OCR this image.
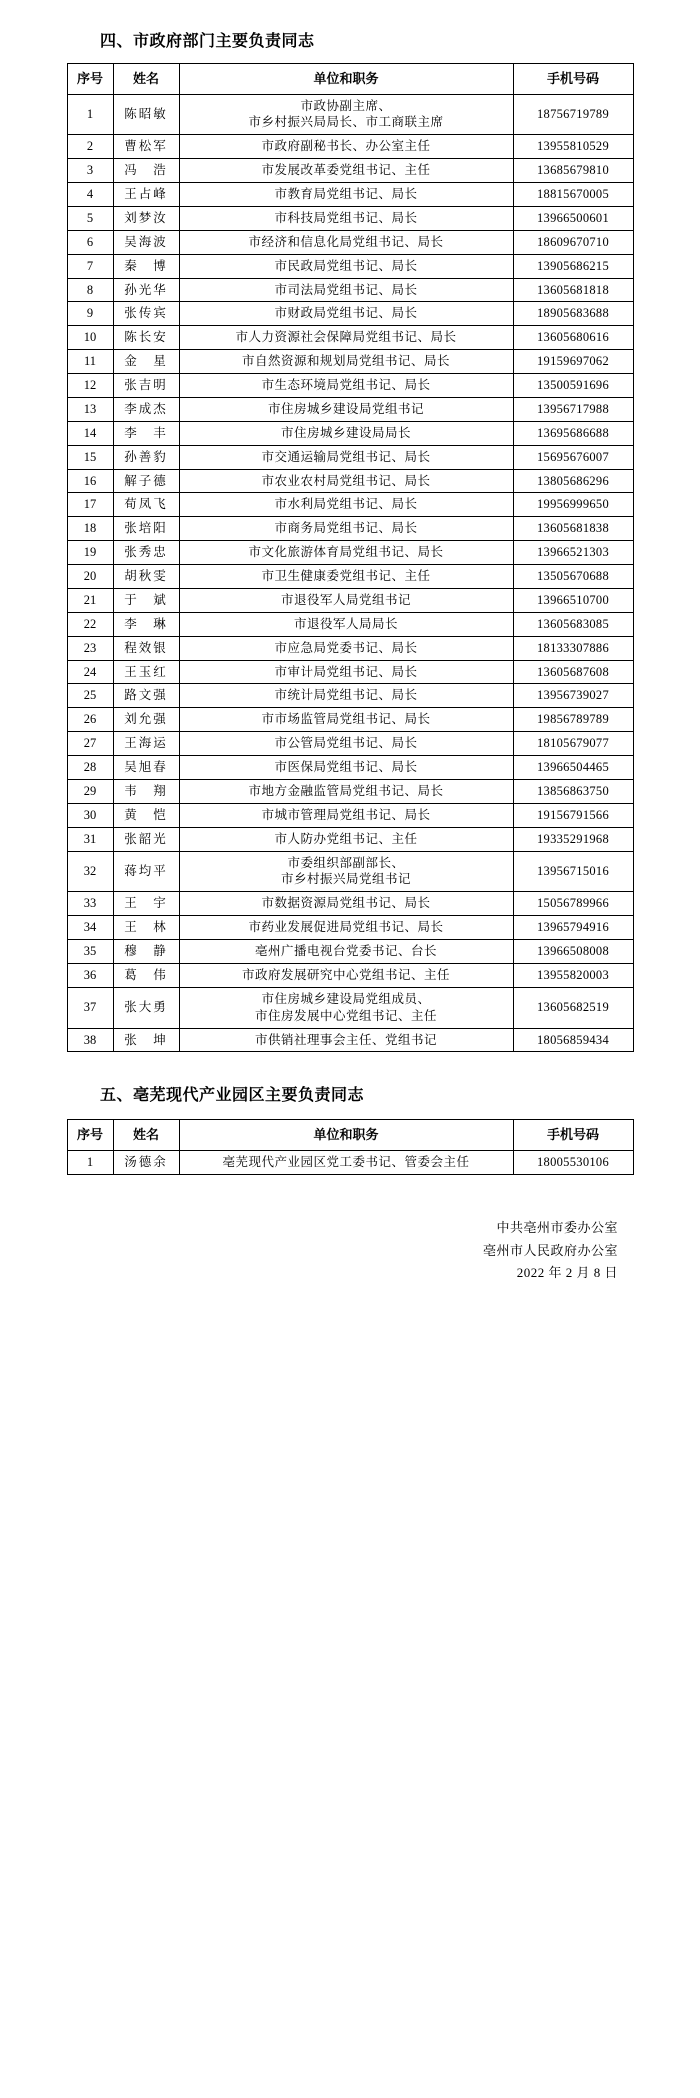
四、市政府部门主要负责同志
序号	姓名	单位和职务	手机号码
1	陈昭敏	市政协副主席、
市乡村振兴局局长、市工商联主席	18756719789
2	曹松军	市政府副秘书长、办公室主任	13955810529
3	冯　浩	市发展改革委党组书记、主任	13685679810
4	王占峰	市教育局党组书记、局长	18815670005
5	刘梦汝	市科技局党组书记、局长	13966500601
6	吴海波	市经济和信息化局党组书记、局长	18609670710
7	秦　博	市民政局党组书记、局长	13905686215
8	孙光华	市司法局党组书记、局长	13605681818
9	张传宾	市财政局党组书记、局长	18905683688
10	陈长安	市人力资源社会保障局党组书记、局长	13605680616
11	金　星	市自然资源和规划局党组书记、局长	19159697062
12	张吉明	市生态环境局党组书记、局长	13500591696
13	李成杰	市住房城乡建设局党组书记	13956717988
14	李　丰	市住房城乡建设局局长	13695686688
15	孙善豹	市交通运输局党组书记、局长	15695676007
16	解子德	市农业农村局党组书记、局长	13805686296
17	荀凤飞	市水利局党组书记、局长	19956999650
18	张培阳	市商务局党组书记、局长	13605681838
19	张秀忠	市文化旅游体育局党组书记、局长	13966521303
20	胡秋雯	市卫生健康委党组书记、主任	13505670688
21	于　斌	市退役军人局党组书记	13966510700
22	李　琳	市退役军人局局长	13605683085
23	程效银	市应急局党委书记、局长	18133307886
24	王玉红	市审计局党组书记、局长	13605687608
25	路文强	市统计局党组书记、局长	13956739027
26	刘允强	市市场监管局党组书记、局长	19856789789
27	王海运	市公管局党组书记、局长	18105679077
28	吴旭春	市医保局党组书记、局长	13966504465
29	韦　翔	市地方金融监管局党组书记、局长	13856863750
30	黄　恺	市城市管理局党组书记、局长	19156791566
31	张韶光	市人防办党组书记、主任	19335291968
32	蒋均平	市委组织部副部长、
市乡村振兴局党组书记	13956715016
33	王　宇	市数据资源局党组书记、局长	15056789966
34	王　林	市药业发展促进局党组书记、局长	13965794916
35	穆　静	亳州广播电视台党委书记、台长	13966508008
36	葛　伟	市政府发展研究中心党组书记、主任	13955820003
37	张大勇	市住房城乡建设局党组成员、
市住房发展中心党组书记、主任	13605682519
38	张　坤	市供销社理事会主任、党组书记	18056859434
五、亳芜现代产业园区主要负责同志
序号	姓名	单位和职务	手机号码
1	汤德余	亳芜现代产业园区党工委书记、管委会主任	18005530106
中共亳州市委办公室
亳州市人民政府办公室
2022 年 2 月 8 日
